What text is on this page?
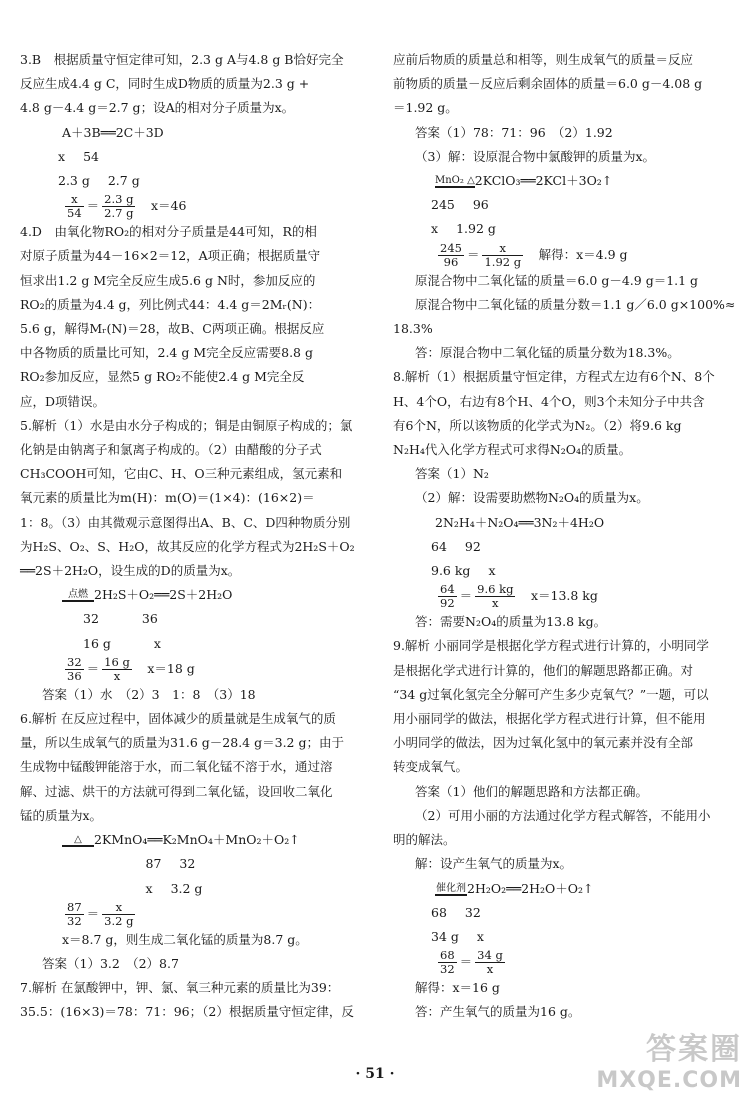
3.B　根据质量守恒定律可知，2.3 g A与4.8 g B恰好完全

反应生成4.4 g C，同时生成D物质的质量为2.3 g +

4.8 g－4.4 g＝2.7 g；设A的相对分子质量为x。

A＋3B══2C＋3D

x 54
2.3 g 2.7 g

$\frac{x}{54} = \frac{2.3 g}{2.7 g}$ 　x＝46

4.D　由氧化物RO₂的相对分子质量是44可知，R的相

对原子质量为44－16×2＝12，A项正确；根据质量守

恒求出1.2 g M完全反应生成5.6 g N时，参加反应的

RO₂的质量为4.4 g，列比例式44：4.4 g＝2Mᵣ(N)：

5.6 g，解得Mᵣ(N)＝28，故B、C两项正确。根据反应

中各物质的质量比可知，2.4 g M完全反应需要8.8 g

RO₂参加反应，显然5 g RO₂不能使2.4 g M完全反

应，D项错误。

5.解析（1）水是由水分子构成的；铜是由铜原子构成的；氯

化钠是由钠离子和氯离子构成的。（2）由醋酸的分子式

CH₃COOH可知，它由C、H、O三种元素组成，氢元素和

氧元素的质量比为m(H)：m(O)＝(1×4)：(16×2)＝

1：8。（3）由其微观示意图得出A、B、C、D四种物质分别

为H₂S、O₂、S、H₂O，故其反应的化学方程式为2H₂S＋O₂

══2S＋2H₂O，设生成的D的质量为x。

点燃 2H₂S＋O₂══2S＋2H₂O

　　32 　　36
　　16 g 　　x

$\frac{32}{36} = \frac{16 g}{x}$ 　x＝18 g

答案（1）水　（2）3　1：8　（3）18

6.解析 在反应过程中，固体减少的质量就是生成氧气的质

量，所以生成氧气的质量为31.6 g－28.4 g＝3.2 g；由于

生成物中锰酸钾能溶于水，而二氧化锰不溶于水，通过溶

解、过滤、烘干的方法就可得到二氧化锰，设回收二氧化

锰的质量为x。

△ 2KMnO₄══K₂MnO₄＋MnO₂＋O₂↑

　　　　　　　87 32
　　　　　　　x 3.2 g

$\frac{87}{32} = \frac{x}{3.2 g}$

x＝8.7 g，则生成二氧化锰的质量为8.7 g。

答案（1）3.2　（2）8.7

7.解析 在氯酸钾中，钾、氯、氧三种元素的质量比为39：

35.5：(16×3)＝78：71：96；（2）根据质量守恒定律，反

应前后物质的质量总和相等，则生成氧气的质量＝反应

前物质的质量－反应后剩余固体的质量＝6.0 g－4.08 g

＝1.92 g。

答案（1）78：71：96　（2）1.92

（3）解：设原混合物中氯酸钾的质量为x。

MnO₂ △ 2KClO₃══2KCl＋3O₂↑

245 96
x 1.92 g

$\frac{245}{96} = \frac{x}{1.92 g}$ 　解得：x＝4.9 g

原混合物中二氧化锰的质量＝6.0 g－4.9 g＝1.1 g

原混合物中二氧化锰的质量分数＝1.1 g／6.0 g×100%≈

18.3%

答：原混合物中二氧化锰的质量分数为18.3%。

8.解析（1）根据质量守恒定律，方程式左边有6个N、8个

H、4个O，右边有8个H、4个O，则3个未知分子中共含

有6个N，所以该物质的化学式为N₂。（2）将9.6 kg

N₂H₄代入化学方程式可求得N₂O₄的质量。

答案（1）N₂

（2）解：设需要助燃物N₂O₄的质量为x。

2N₂H₄＋N₂O₄══3N₂＋4H₂O

64 92
9.6 kg x

$\frac{64}{92} = \frac{9.6 kg}{x}$ 　x＝13.8 kg

答：需要N₂O₄的质量为13.8 kg。

9.解析 小丽同学是根据化学方程式进行计算的，小明同学

是根据化学式进行计算的，他们的解题思路都正确。对

“34 g过氧化氢完全分解可产生多少克氧气？”一题，可以

用小丽同学的做法，根据化学方程式进行计算，但不能用

小明同学的做法，因为过氧化氢中的氧元素并没有全部

转变成氧气。

答案（1）他们的解题思路和方法都正确。

（2）可用小丽的方法通过化学方程式解答，不能用小

明的解法。

解：设产生氧气的质量为x。

催化剂 2H₂O₂══2H₂O＋O₂↑

68 32
34 g x

$\frac{68}{32} = \frac{34 g}{x}$

解得：x＝16 g

答：产生氧气的质量为16 g。

· 51 ·
答案圈
MXQE.COM
